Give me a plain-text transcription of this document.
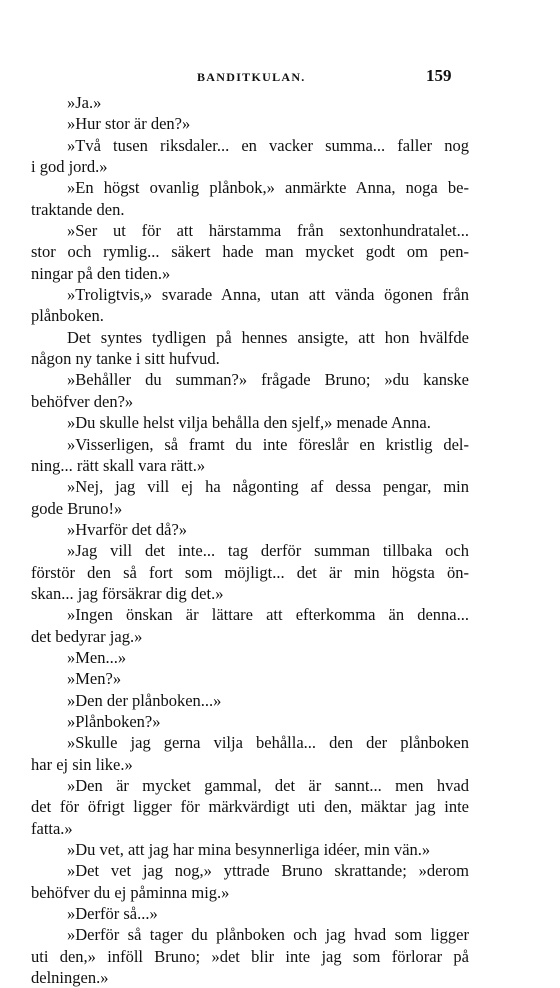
BANDITKULAN.	159
»Ja.»
»Hur stor är den?»
»Två tusen riksdaler... en vacker summa... faller nog
i god jord.»
»En högst ovanlig plånbok,» anmärkte Anna, noga be-
traktande den.
»Ser ut för att härstamma från sextonhundratalet...
stor och rymlig... säkert hade man mycket godt om pen-
ningar på den tiden.»
»Troligtvis,» svarade Anna, utan att vända ögonen från
plånboken.
Det syntes tydligen på hennes ansigte, att hon hvälfde
någon ny tanke i sitt hufvud.
»Behåller du summan?» frågade Bruno; »du kanske
behöfver den?»
»Du skulle helst vilja behålla den sjelf,» menade Anna.
»Visserligen, så framt du inte föreslår en kristlig del-
ning... rätt skall vara rätt.»
»Nej, jag vill ej ha någonting af dessa pengar, min
gode Bruno!»
»Hvarför det då?»
»Jag vill det inte... tag derför summan tillbaka och
förstör den så fort som möjligt... det är min högsta ön-
skan... jag försäkrar dig det.»
»Ingen önskan är lättare att efterkomma än denna...
det bedyrar jag.»
»Men...»
»Men?»
»Den der plånboken...»
»Plånboken?»
»Skulle jag gerna vilja behålla... den der plånboken
har ej sin like.»
»Den är mycket gammal, det är sannt... men hvad
det för öfrigt ligger för märkvärdigt uti den, mäktar jag inte
fatta.»
»Du vet, att jag har mina besynnerliga idéer, min vän.»
»Det vet jag nog,» yttrade Bruno skrattande; »derom
behöfver du ej påminna mig.»
»Derför så...»
»Derför så tager du plånboken och jag hvad som ligger
uti den,» inföll Bruno; »det blir inte jag som förlorar på
delningen.»
